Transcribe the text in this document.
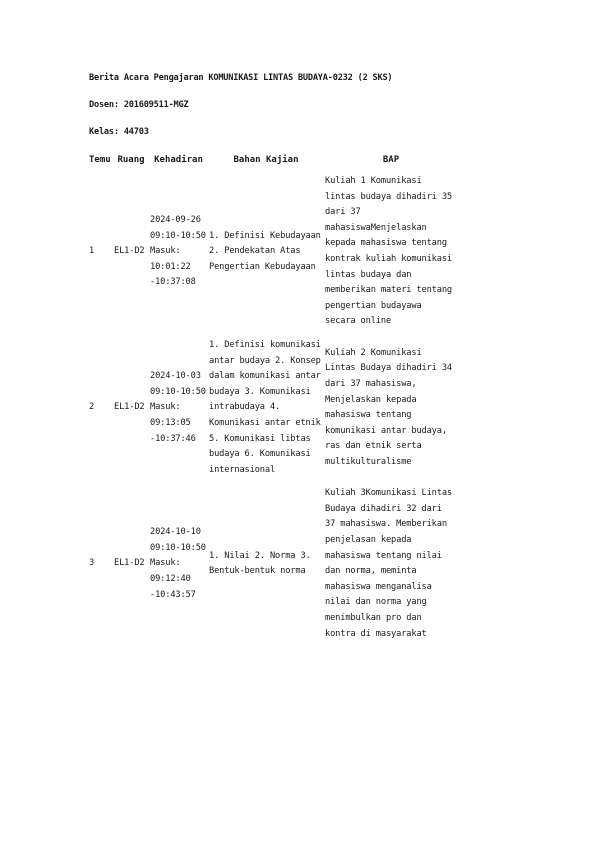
Berita Acara Pengajaran KOMUNIKASI LINTAS BUDAYA-0232 (2 SKS)
Dosen: 201609511-MGZ
Kelas: 44703
Temu	Ruang	Kehadiran	Bahan Kajian	BAP
1	EL1-D2	2024-09-26 09:10-10:50 Masuk: 10:01:22 -10:37:08	1. Definisi Kebudayaan 2. Pendekatan Atas Pengertian Kebudayaan	Kuliah 1 Komunikasi lintas budaya dihadiri 35 dari 37 mahasiswaMenjelaskan kepada mahasiswa tentang kontrak kuliah komunikasi lintas budaya dan memberikan materi tentang pengertian budayawa secara online
2	EL1-D2	2024-10-03 09:10-10:50 Masuk: 09:13:05 -10:37:46	1. Definisi komunikasi antar budaya 2. Konsep dalam komunikasi antar budaya 3. Komunikasi intrabudaya 4. Komunikasi antar etnik 5. Komunikasi libtas budaya 6. Komunikasi internasional	Kuliah 2 Komunikasi Lintas Budaya dihadiri 34 dari 37 mahasiswa, Menjelaskan kepada mahasiswa tentang komunikasi antar budaya, ras dan etnik serta multikulturalisme
3	EL1-D2	2024-10-10 09:10-10:50 Masuk: 09:12:40 -10:43:57	1. Nilai 2. Norma 3. Bentuk-bentuk norma	Kuliah 3Komunikasi Lintas Budaya dihadiri 32 dari 37 mahasiswa. Memberikan penjelasan kepada mahasiswa tentang nilai dan norma, meminta mahasiswa menganalisa nilai dan norma yang menimbulkan pro dan kontra di masyarakat
